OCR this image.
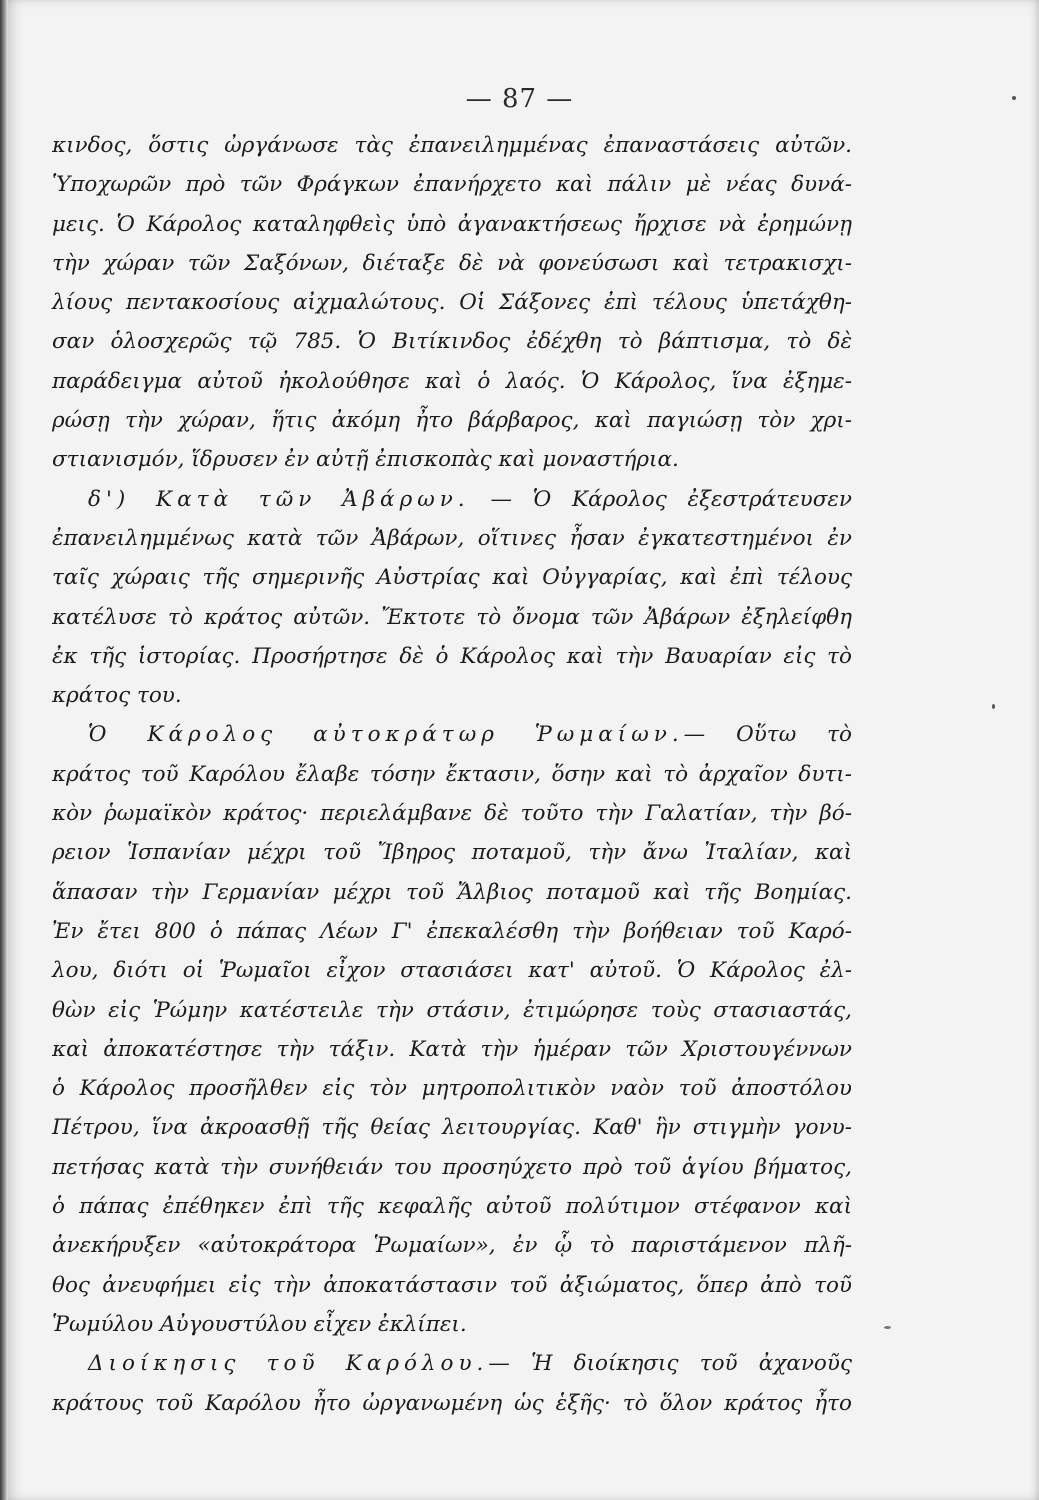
— 87 —
κινδος, ὅστις ὠργάνωσε τὰς ἐπανειλημμένας ἐπαναστάσεις αὐτῶν.
Ὑποχωρῶν πρὸ τῶν Φράγκων ἐπανήρχετο καὶ πάλιν μὲ νέας δυνά-
μεις. Ὁ Κάρολος καταληφθεὶς ὑπὸ ἀγανακτήσεως ἤρχισε νὰ ἐρημώνῃ
τὴν χώραν τῶν Σαξόνων, διέταξε δὲ νὰ φονεύσωσι καὶ τετρακισχι-
λίους πεντακοσίους αἰχμαλώτους. Οἱ Σάξονες ἐπὶ τέλους ὑπετάχθη-
σαν ὁλοσχερῶς τῷ 785. Ὁ Βιτίκινδος ἐδέχθη τὸ βάπτισμα, τὸ δὲ
παράδειγμα αὐτοῦ ἠκολούθησε καὶ ὁ λαός. Ὁ Κάρολος, ἵνα ἐξημε-
ρώσῃ τὴν χώραν, ἥτις ἀκόμη ἦτο βάρβαρος, καὶ παγιώσῃ τὸν χρι-
στιανισμόν, ἵδρυσεν ἐν αὐτῇ ἐπισκοπὰς καὶ μοναστήρια.
δ') Κατὰ τῶν Ἀβάρων. — Ὁ Κάρολος ἐξεστράτευσεν
ἐπανειλημμένως κατὰ τῶν Ἀβάρων, οἵτινες ἦσαν ἐγκατεστημένοι ἐν
ταῖς χώραις τῆς σημερινῆς Αὐστρίας καὶ Οὐγγαρίας, καὶ ἐπὶ τέλους
κατέλυσε τὸ κράτος αὐτῶν. Ἔκτοτε τὸ ὄνομα τῶν Ἀβάρων ἐξηλείφθη
ἐκ τῆς ἱστορίας. Προσήρτησε δὲ ὁ Κάρολος καὶ τὴν Βαυαρίαν εἰς τὸ
κράτος του.
Ὁ Κάρολος αὐτοκράτωρ Ῥωμαίων.— Οὕτω τὸ
κράτος τοῦ Καρόλου ἔλαβε τόσην ἔκτασιν, ὅσην καὶ τὸ ἀρχαῖον δυτι-
κὸν ῥωμαϊκὸν κράτος· περιελάμβανε δὲ τοῦτο τὴν Γαλατίαν, τὴν βό-
ρειον Ἱσπανίαν μέχρι τοῦ Ἴβηρος ποταμοῦ, τὴν ἄνω Ἰταλίαν, καὶ
ἅπασαν τὴν Γερμανίαν μέχρι τοῦ Ἄλβιος ποταμοῦ καὶ τῆς Βοημίας.
Ἐν ἔτει 800 ὁ πάπας Λέων Γ' ἐπεκαλέσθη τὴν βοήθειαν τοῦ Καρό-
λου, διότι οἱ Ῥωμαῖοι εἶχον στασιάσει κατ' αὐτοῦ. Ὁ Κάρολος ἐλ-
θὼν εἰς Ῥώμην κατέστειλε τὴν στάσιν, ἐτιμώρησε τοὺς στασιαστάς,
καὶ ἀποκατέστησε τὴν τάξιν. Κατὰ τὴν ἡμέραν τῶν Χριστουγέννων
ὁ Κάρολος προσῆλθεν εἰς τὸν μητροπολιτικὸν ναὸν τοῦ ἀποστόλου
Πέτρου, ἵνα ἀκροασθῇ τῆς θείας λειτουργίας. Καθ' ἣν στιγμὴν γονυ-
πετήσας κατὰ τὴν συνήθειάν του προσηύχετο πρὸ τοῦ ἁγίου βήματος,
ὁ πάπας ἐπέθηκεν ἐπὶ τῆς κεφαλῆς αὐτοῦ πολύτιμον στέφανον καὶ
ἀνεκήρυξεν «αὐτοκράτορα Ῥωμαίων», ἐν ᾧ τὸ παριστάμενον πλῆ-
θος ἀνευφήμει εἰς τὴν ἀποκατάστασιν τοῦ ἀξιώματος, ὅπερ ἀπὸ τοῦ
Ῥωμύλου Αὐγουστύλου εἶχεν ἐκλίπει.
Διοίκησις τοῦ Καρόλου.— Ἡ διοίκησις τοῦ ἀχανοῦς
κράτους τοῦ Καρόλου ἦτο ὠργανωμένη ὡς ἑξῆς· τὸ ὅλον κράτος ἦτο
